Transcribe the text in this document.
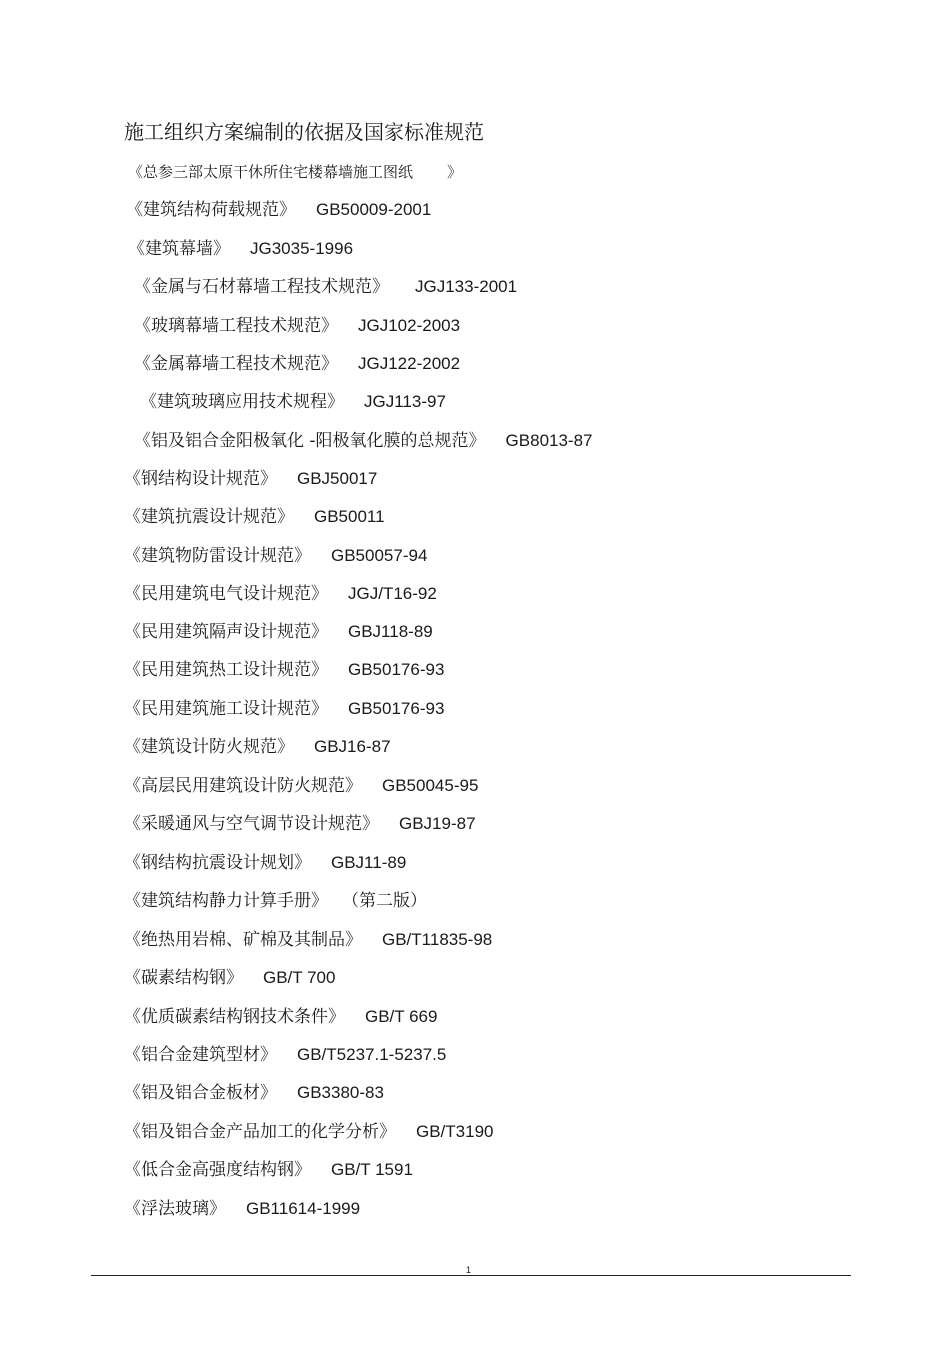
施工组织方案编制的依据及国家标准规范
《总参三部太原干休所住宅楼幕墙施工图纸 》
《建筑结构荷载规范》 GB50009-2001
《建筑幕墙》 JG3035-1996
《金属与石材幕墙工程技术规范》 JGJ133-2001
《玻璃幕墙工程技术规范》 JGJ102-2003
《金属幕墙工程技术规范》 JGJ122-2002
《建筑玻璃应用技术规程》 JGJ113-97
《铝及铝合金阳极氧化 -阳极氧化膜的总规范》 GB8013-87
《钢结构设计规范》 GBJ50017
《建筑抗震设计规范》 GB50011
《建筑物防雷设计规范》 GB50057-94
《民用建筑电气设计规范》 JGJ/T16-92
《民用建筑隔声设计规范》 GBJ118-89
《民用建筑热工设计规范》 GB50176-93
《民用建筑施工设计规范》 GB50176-93
《建筑设计防火规范》 GBJ16-87
《高层民用建筑设计防火规范》 GB50045-95
《采暖通风与空气调节设计规范》 GBJ19-87
《钢结构抗震设计规划》 GBJ11-89
《建筑结构静力计算手册》 （第二版）
《绝热用岩棉、矿棉及其制品》 GB/T11835-98
《碳素结构钢》 GB/T 700
《优质碳素结构钢技术条件》 GB/T 669
《铝合金建筑型材》 GB/T5237.1-5237.5
《铝及铝合金板材》 GB3380-83
《铝及铝合金产品加工的化学分析》 GB/T3190
《低合金高强度结构钢》 GB/T 1591
《浮法玻璃》 GB11614-1999
1
